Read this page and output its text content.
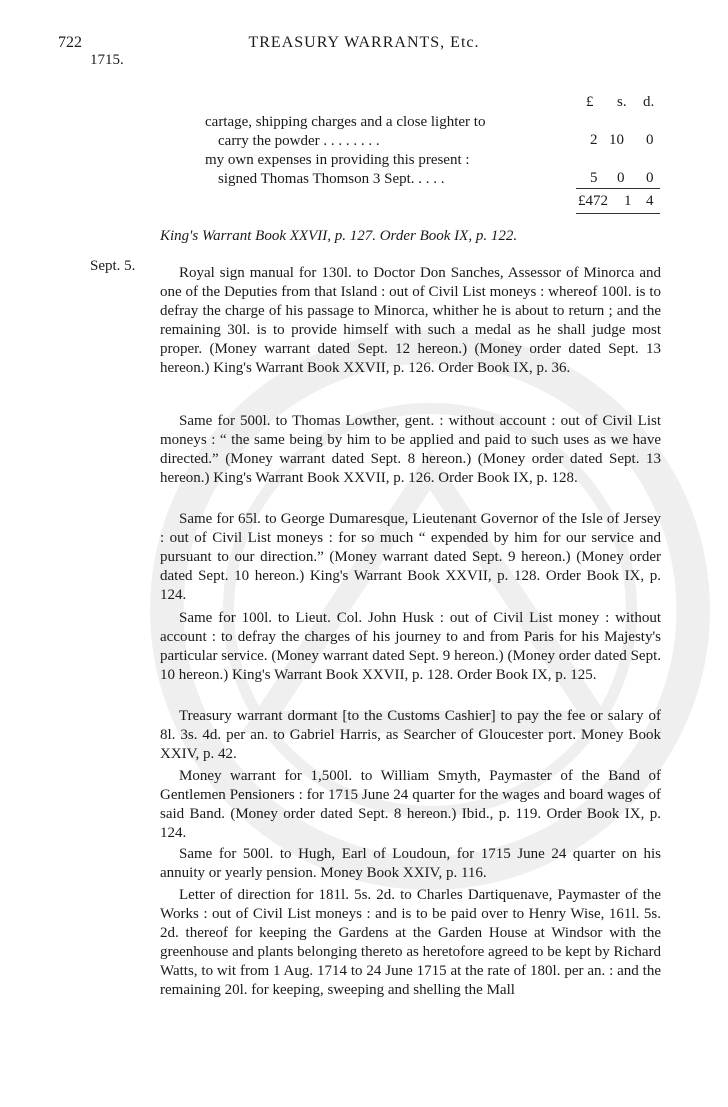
722
1715.
TREASURY WARRANTS, Etc.
£ s. d.
cartage, shipping charges and a close lighter to
carry the powder . . . . . . . .	2 10 0
my own expenses in providing this present :
signed Thomas Thomson 3 Sept. . . . .	5 0 0
£472 1 4
King's Warrant Book XXVII, p. 127. Order Book IX, p. 122.
Sept. 5.	Royal sign manual for 130l. to Doctor Don Sanches, Assessor of Minorca and one of the Deputies from that Island : out of Civil List moneys : whereof 100l. is to defray the charge of his passage to Minorca, whither he is about to return ; and the remaining 30l. is to provide himself with such a medal as he shall judge most proper. (Money warrant dated Sept. 12 hereon.) (Money order dated Sept. 13 hereon.) King's Warrant Book XXVII, p. 126. Order Book IX, p. 36.
Same for 500l. to Thomas Lowther, gent. : without account : out of Civil List moneys : “ the same being by him to be applied and paid to such uses as we have directed.” (Money warrant dated Sept. 8 hereon.) (Money order dated Sept. 13 hereon.) King's Warrant Book XXVII, p. 126. Order Book IX, p. 128.
Same for 65l. to George Dumaresque, Lieutenant Governor of the Isle of Jersey : out of Civil List moneys : for so much “ expended by him for our service and pursuant to our direction.” (Money warrant dated Sept. 9 hereon.) (Money order dated Sept. 10 hereon.) King's Warrant Book XXVII, p. 128. Order Book IX, p. 124.
Same for 100l. to Lieut. Col. John Husk : out of Civil List money : without account : to defray the charges of his journey to and from Paris for his Majesty's particular service. (Money warrant dated Sept. 9 hereon.) (Money order dated Sept. 10 hereon.) King's Warrant Book XXVII, p. 128. Order Book IX, p. 125.
Treasury warrant dormant [to the Customs Cashier] to pay the fee or salary of 8l. 3s. 4d. per an. to Gabriel Harris, as Searcher of Gloucester port. Money Book XXIV, p. 42.
Money warrant for 1,500l. to William Smyth, Paymaster of the Band of Gentlemen Pensioners : for 1715 June 24 quarter for the wages and board wages of said Band. (Money order dated Sept. 8 hereon.) Ibid., p. 119. Order Book IX, p. 124.
Same for 500l. to Hugh, Earl of Loudoun, for 1715 June 24 quarter on his annuity or yearly pension. Money Book XXIV, p. 116.
Letter of direction for 181l. 5s. 2d. to Charles Dartiquenave, Paymaster of the Works : out of Civil List moneys : and is to be paid over to Henry Wise, 161l. 5s. 2d. thereof for keeping the Gardens at the Garden House at Windsor with the greenhouse and plants belonging thereto as heretofore agreed to be kept by Richard Watts, to wit from 1 Aug. 1714 to 24 June 1715 at the rate of 180l. per an. : and the remaining 20l. for keeping, sweeping and shelling the Mall
